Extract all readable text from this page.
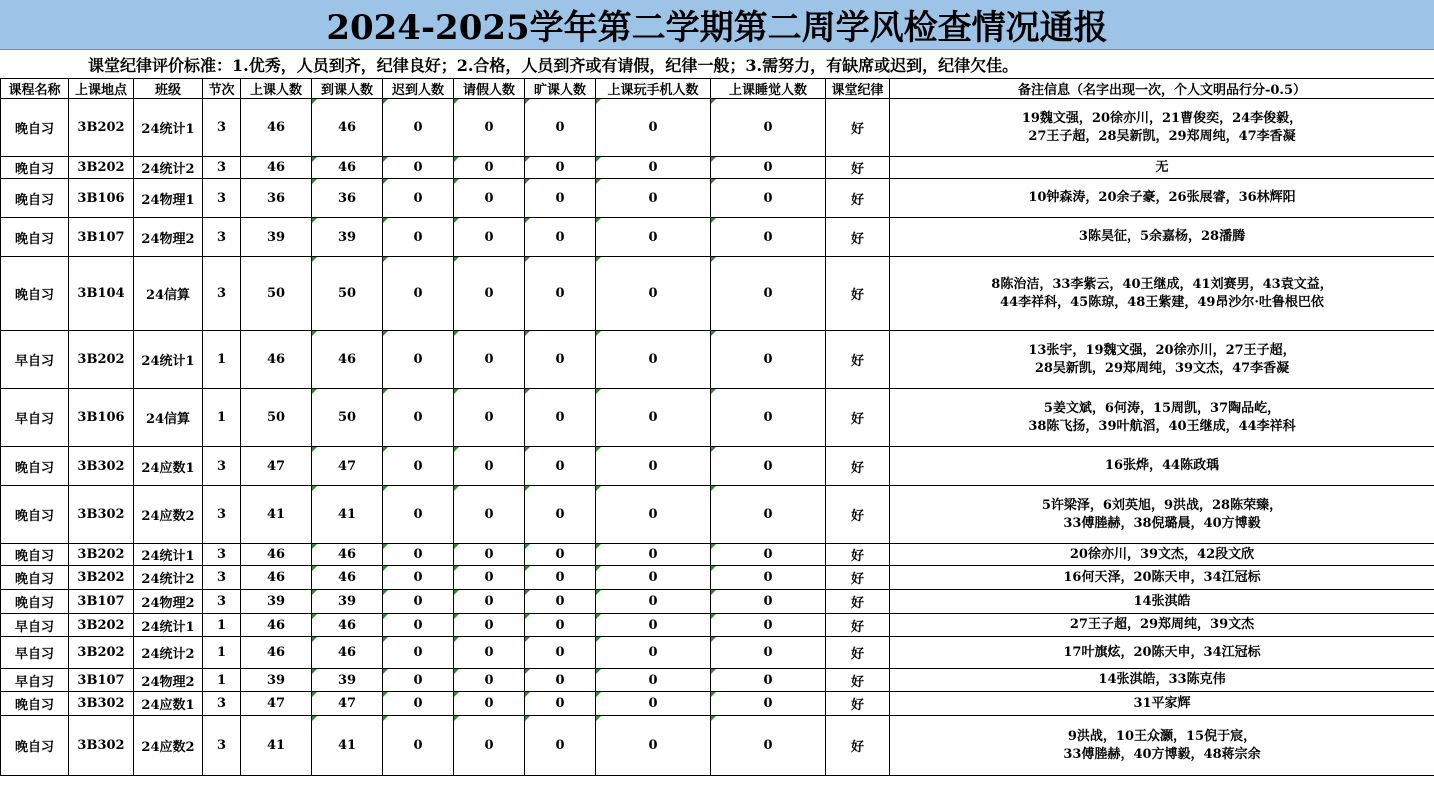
2024-2025学年第二学期第二周学风检查情况通报
课堂纪律评价标准：1.优秀，人员到齐，纪律良好；2.合格，人员到齐或有请假，纪律一般；3.需努力，有缺席或迟到，纪律欠佳。
课程名称	上课地点	班级	节次	上课人数	到课人数	迟到人数	请假人数	旷课人数	上课玩手机人数	上课睡觉人数	课堂纪律	备注信息（名字出现一次，个人文明品行分-0.5）
晚自习	3B202	24统计1	3	46	46	0	0	0	0	0	好	19魏文强，20徐亦川，21曹俊奕，24李俊毅，
27王子超，28吴新凯，29郑周纯，47李香凝

晚自习	3B202	24统计2	3	46	46	0	0	0	0	0	好	无

晚自习	3B106	24物理1	3	36	36	0	0	0	0	0	好	10钟森涛，20余子豪，26张展睿，36林辉阳

晚自习	3B107	24物理2	3	39	39	0	0	0	0	0	好	3陈昊征，5余嘉杨，28潘腾

晚自习	3B104	24信算	3	50	50	0	0	0	0	0	好	8陈治洁，33李紫云，40王继成，41刘赛男，43袁文益，
44李祥科，45陈琼，48王紫建，49昂沙尔·吐鲁根巴依

早自习	3B202	24统计1	1	46	46	0	0	0	0	0	好	13张宇，19魏文强，20徐亦川，27王子超，
28吴新凯，29郑周纯，39文杰，47李香凝

早自习	3B106	24信算	1	50	50	0	0	0	0	0	好	5姜文斌，6何涛，15周凯，37陶品屹，
38陈飞扬，39叶航滔，40王继成，44李祥科

晚自习	3B302	24应数1	3	47	47	0	0	0	0	0	好	16张烨，44陈政瑀

晚自习	3B302	24应数2	3	41	41	0	0	0	0	0	好	5许梁泽，6刘英旭，9洪战，28陈荣臻，
33傅塍赫，38倪璐晨，40方博毅

晚自习	3B202	24统计1	3	46	46	0	0	0	0	0	好	20徐亦川，39文杰，42段文欣

晚自习	3B202	24统计2	3	46	46	0	0	0	0	0	好	16何天泽，20陈天申，34江冠标

晚自习	3B107	24物理2	3	39	39	0	0	0	0	0	好	14张淇皓

早自习	3B202	24统计1	1	46	46	0	0	0	0	0	好	27王子超，29郑周纯，39文杰

早自习	3B202	24统计2	1	46	46	0	0	0	0	0	好	17叶旗炫，20陈天申，34江冠标

早自习	3B107	24物理2	1	39	39	0	0	0	0	0	好	14张淇皓，33陈克伟

晚自习	3B302	24应数1	3	47	47	0	0	0	0	0	好	31平家辉

晚自习	3B302	24应数2	3	41	41	0	0	0	0	0	好	9洪战，10王众灏，15倪于宸，
33傅塍赫，40方博毅，48蒋宗余
